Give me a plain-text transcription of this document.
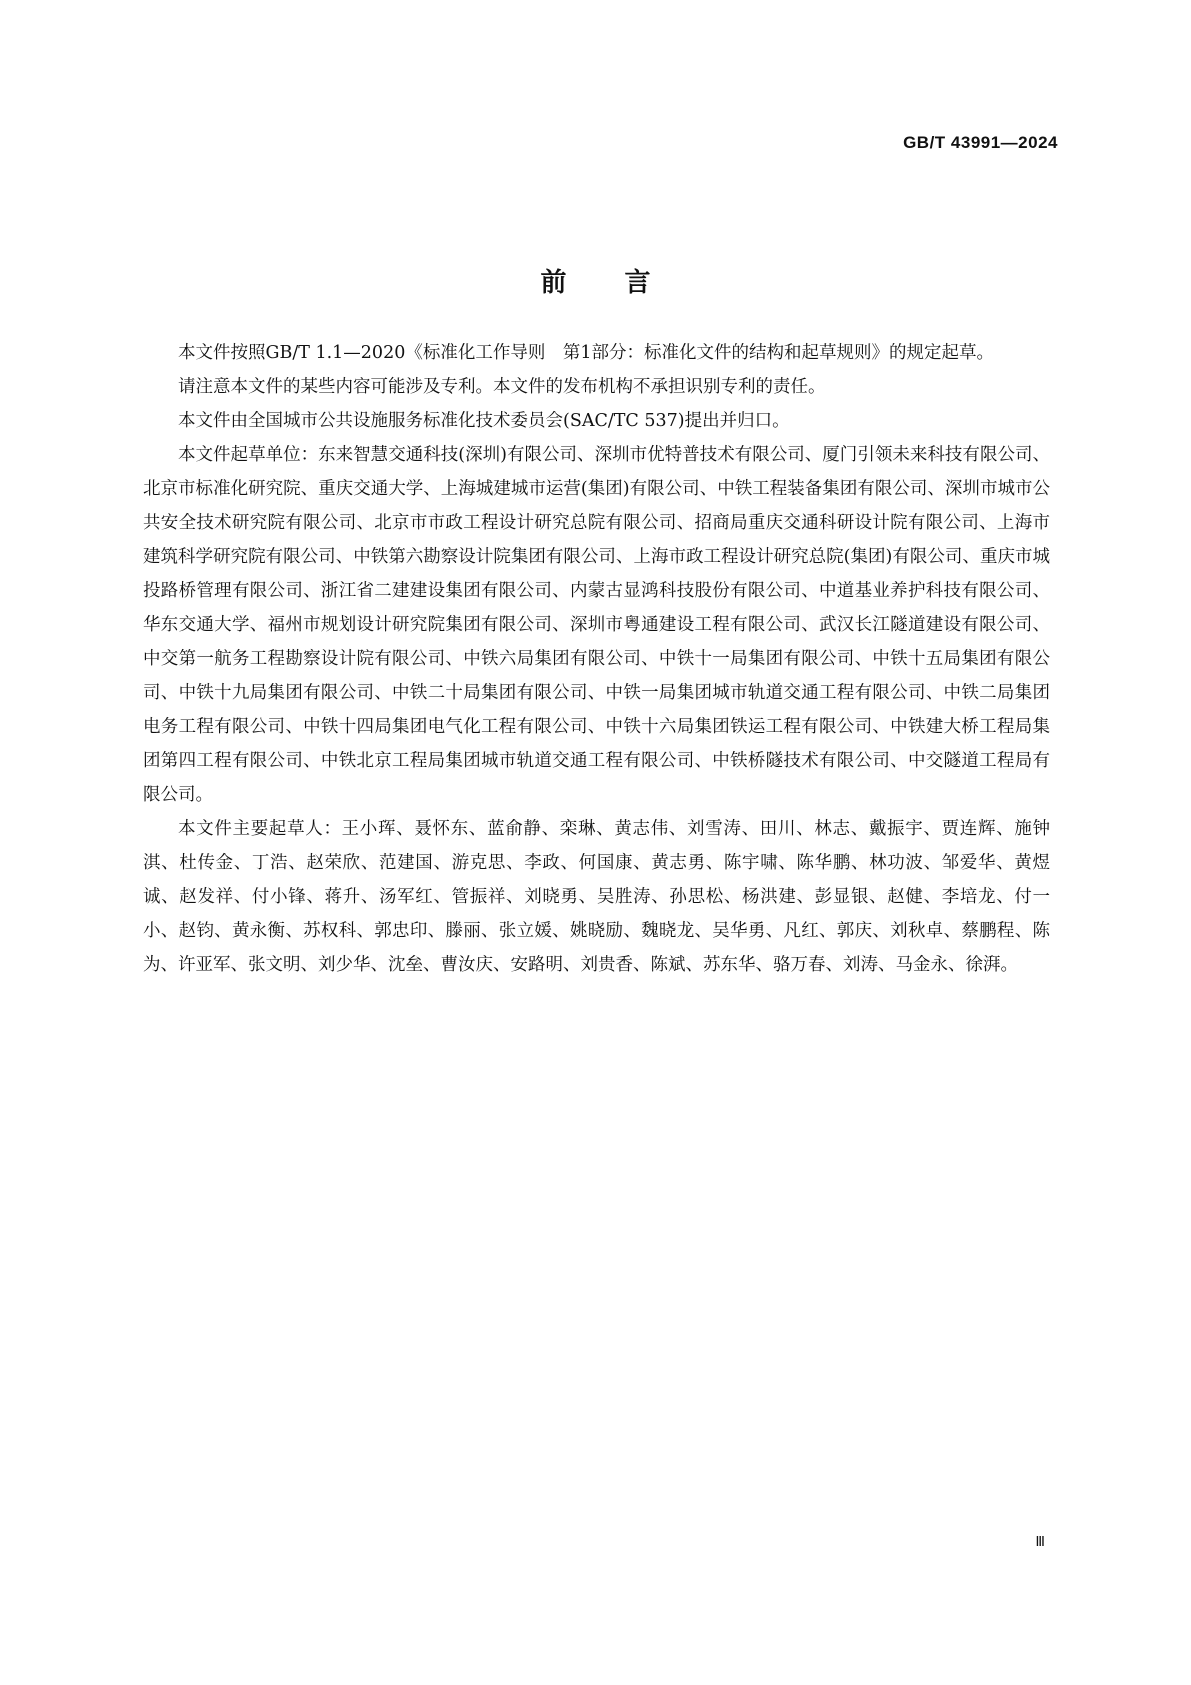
GB/T 43991—2024
前言

本文件按照GB/T 1.1—2020《标准化工作导则　第1部分：标准化文件的结构和起草规则》的规定起草。

请注意本文件的某些内容可能涉及专利。本文件的发布机构不承担识别专利的责任。

本文件由全国城市公共设施服务标准化技术委员会(SAC/TC 537)提出并归口。

本文件起草单位：东来智慧交通科技(深圳)有限公司、深圳市优特普技术有限公司、厦门引领未来科技有限公司、北京市标准化研究院、重庆交通大学、上海城建城市运营(集团)有限公司、中铁工程装备集团有限公司、深圳市城市公共安全技术研究院有限公司、北京市市政工程设计研究总院有限公司、招商局重庆交通科研设计院有限公司、上海市建筑科学研究院有限公司、中铁第六勘察设计院集团有限公司、上海市政工程设计研究总院(集团)有限公司、重庆市城投路桥管理有限公司、浙江省二建建设集团有限公司、内蒙古显鸿科技股份有限公司、中道基业养护科技有限公司、华东交通大学、福州市规划设计研究院集团有限公司、深圳市粤通建设工程有限公司、武汉长江隧道建设有限公司、中交第一航务工程勘察设计院有限公司、中铁六局集团有限公司、中铁十一局集团有限公司、中铁十五局集团有限公司、中铁十九局集团有限公司、中铁二十局集团有限公司、中铁一局集团城市轨道交通工程有限公司、中铁二局集团电务工程有限公司、中铁十四局集团电气化工程有限公司、中铁十六局集团铁运工程有限公司、中铁建大桥工程局集团第四工程有限公司、中铁北京工程局集团城市轨道交通工程有限公司、中铁桥隧技术有限公司、中交隧道工程局有限公司。

本文件主要起草人：王小珲、聂怀东、蓝俞静、栾琳、黄志伟、刘雪涛、田川、林志、戴振宇、贾连辉、施钟淇、杜传金、丁浩、赵荣欣、范建国、游克思、李政、何国康、黄志勇、陈宇啸、陈华鹏、林功波、邹爱华、黄煜诚、赵发祥、付小锋、蒋升、汤军红、管振祥、刘晓勇、吴胜涛、孙思松、杨洪建、彭显银、赵健、李培龙、付一小、赵钧、黄永衡、苏权科、郭忠印、滕丽、张立媛、姚晓励、魏晓龙、吴华勇、凡红、郭庆、刘秋卓、蔡鹏程、陈为、许亚军、张文明、刘少华、沈垒、曹汝庆、安路明、刘贵香、陈斌、苏东华、骆万春、刘涛、马金永、徐湃。

Ⅲ
